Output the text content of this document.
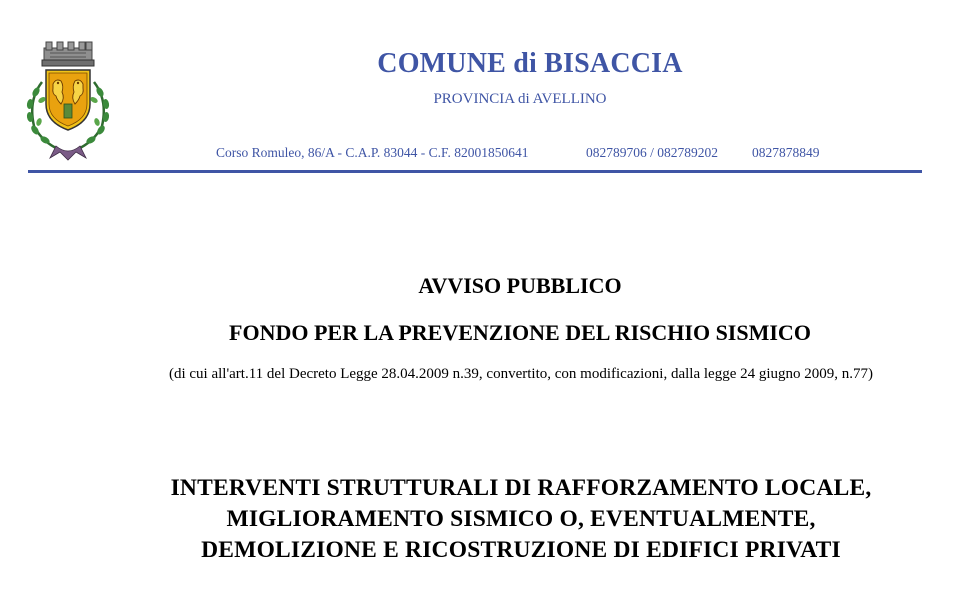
COMUNE di BISACCIA
PROVINCIA di AVELLINO
Corso Romuleo, 86/A - C.A.P. 83044 - C.F. 82001850641	082789706 / 082789202	0827878849
AVVISO PUBBLICO
FONDO PER LA PREVENZIONE DEL RISCHIO SISMICO
(di cui all'art.11 del Decreto Legge 28.04.2009 n.39, convertito, con modificazioni, dalla legge 24 giugno 2009, n.77)
INTERVENTI STRUTTURALI DI RAFFORZAMENTO LOCALE,
MIGLIORAMENTO SISMICO O, EVENTUALMENTE,
DEMOLIZIONE E RICOSTRUZIONE DI EDIFICI PRIVATI
